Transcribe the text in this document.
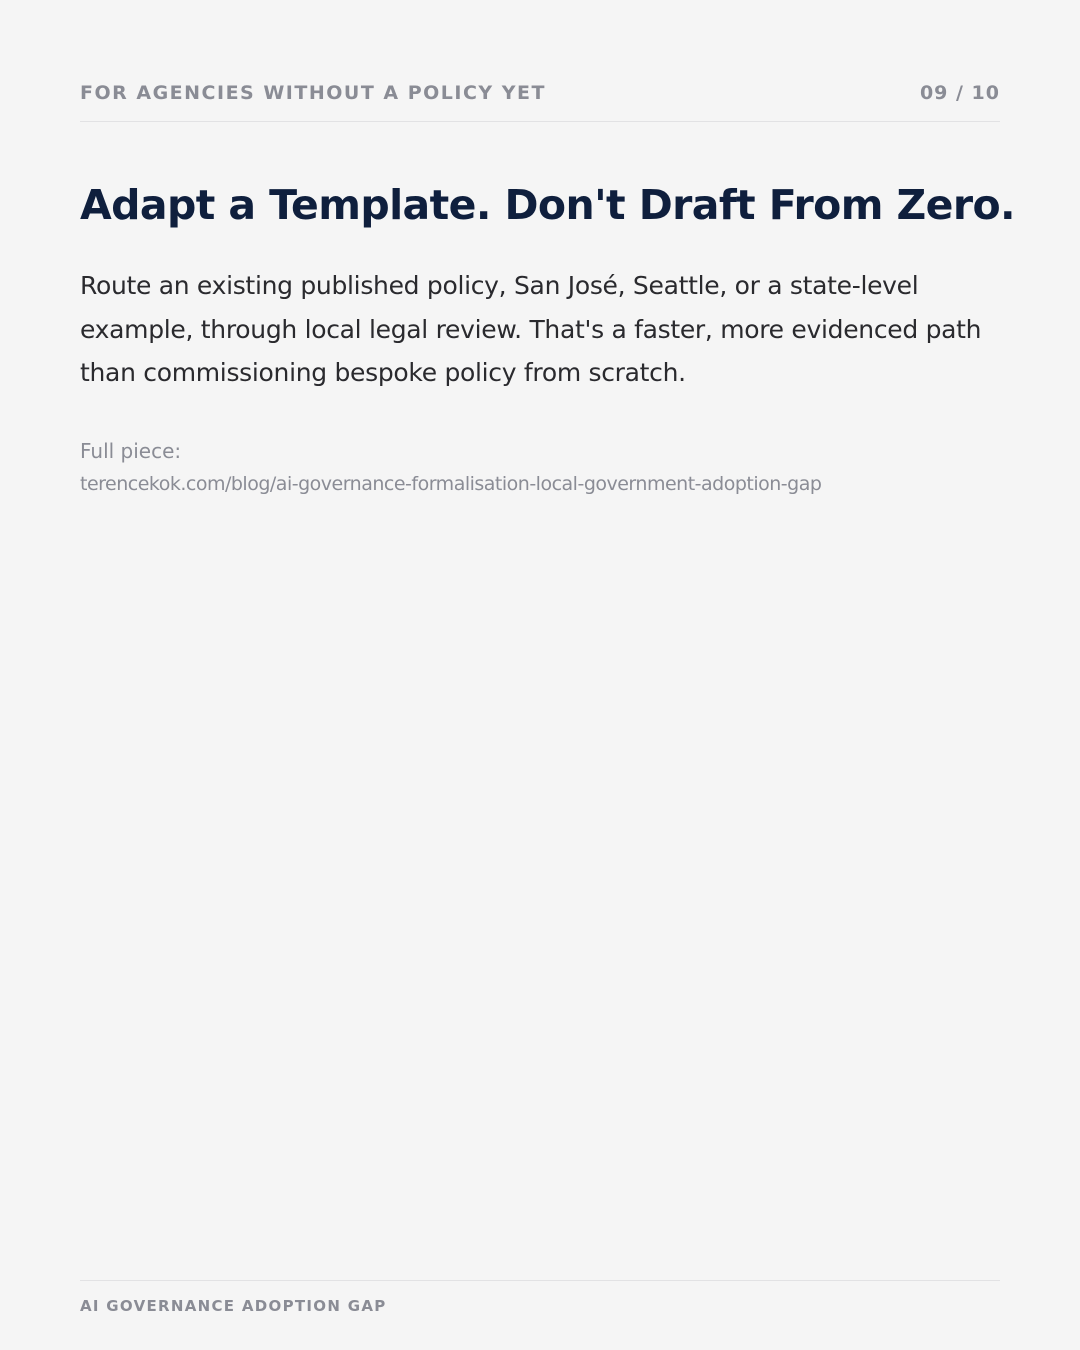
FOR AGENCIES WITHOUT A POLICY YET	09 / 10
Adapt a Template. Don't Draft From Zero.

Route an existing published policy, San José, Seattle, or a state-level example, through local legal review. That's a faster, more evidenced path than commissioning bespoke policy from scratch.

Full piece:
terencekok.com/blog/ai-governance-formalisation-local-government-adoption-gap
AI GOVERNANCE ADOPTION GAP
